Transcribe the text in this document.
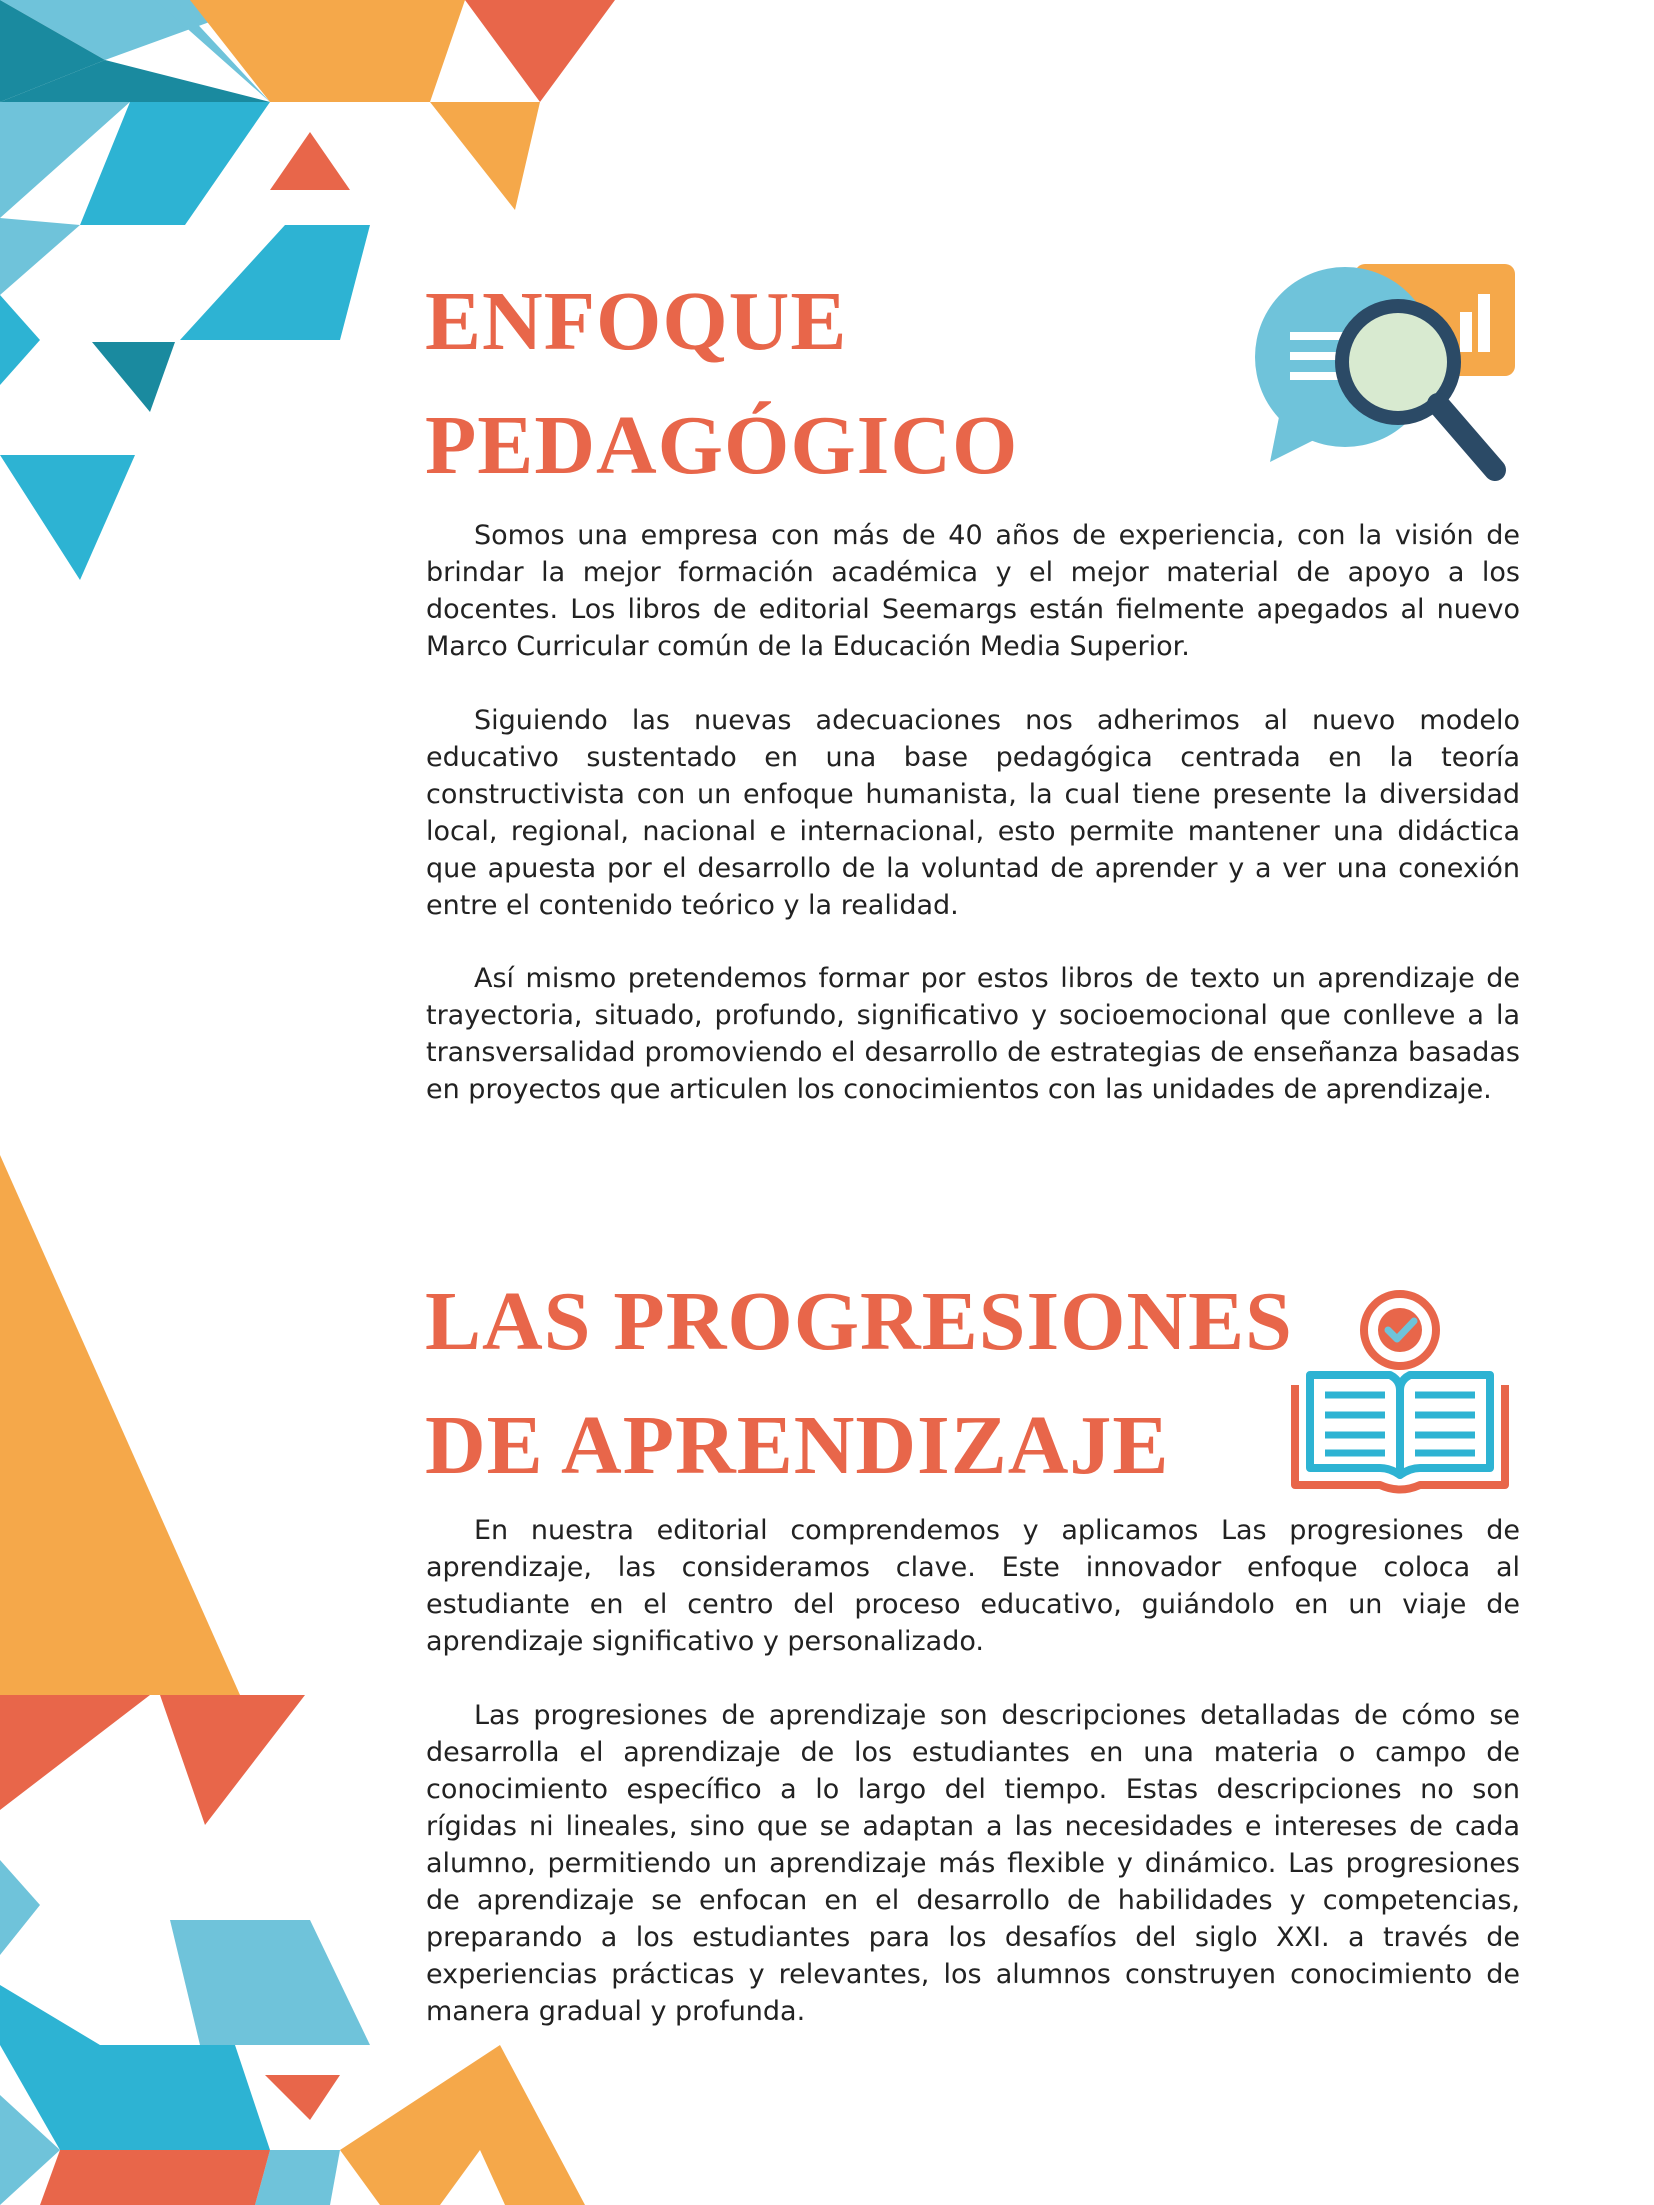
ENFOQUE
PEDAGÓGICO

Somos una empresa con más de 40 años de experiencia, con la visión de brindar la mejor formación académica y el mejor material de apoyo a los docentes. Los libros de editorial Seemargs están fielmente apegados al nuevo Marco Curricular común de la Educación Media Superior.

Siguiendo las nuevas adecuaciones nos adherimos al nuevo modelo educativo sustentado en una base pedagógica centrada en la teoría constructivista con un enfoque humanista, la cual tiene presente la diversidad local, regional, nacional e internacional, esto permite mantener una didáctica que apuesta por el desarrollo de la voluntad de aprender y a ver una conexión entre el contenido teórico y la realidad.

Así mismo pretendemos formar por estos libros de texto un aprendizaje de trayectoria, situado, profundo, significativo y socioemocional que conlleve a la transversalidad promoviendo el desarrollo de estrategias de enseñanza basadas en proyectos que articulen los conocimientos con las unidades de aprendizaje.

LAS PROGRESIONES
DE APRENDIZAJE

En nuestra editorial comprendemos y aplicamos Las progresiones de aprendizaje, las consideramos clave. Este innovador enfoque coloca al estudiante en el centro del proceso educativo, guiándolo en un viaje de aprendizaje significativo y personalizado.

Las progresiones de aprendizaje son descripciones detalladas de cómo se desarrolla el aprendizaje de los estudiantes en una materia o campo de conocimiento específico a lo largo del tiempo. Estas descripciones no son rígidas ni lineales, sino que se adaptan a las necesidades e intereses de cada alumno, permitiendo un aprendizaje más flexible y dinámico. Las progresiones de aprendizaje se enfocan en el desarrollo de habilidades y competencias, preparando a los estudiantes para los desafíos del siglo XXI. a través de experiencias prácticas y relevantes, los alumnos construyen conocimiento de manera gradual y profunda.
